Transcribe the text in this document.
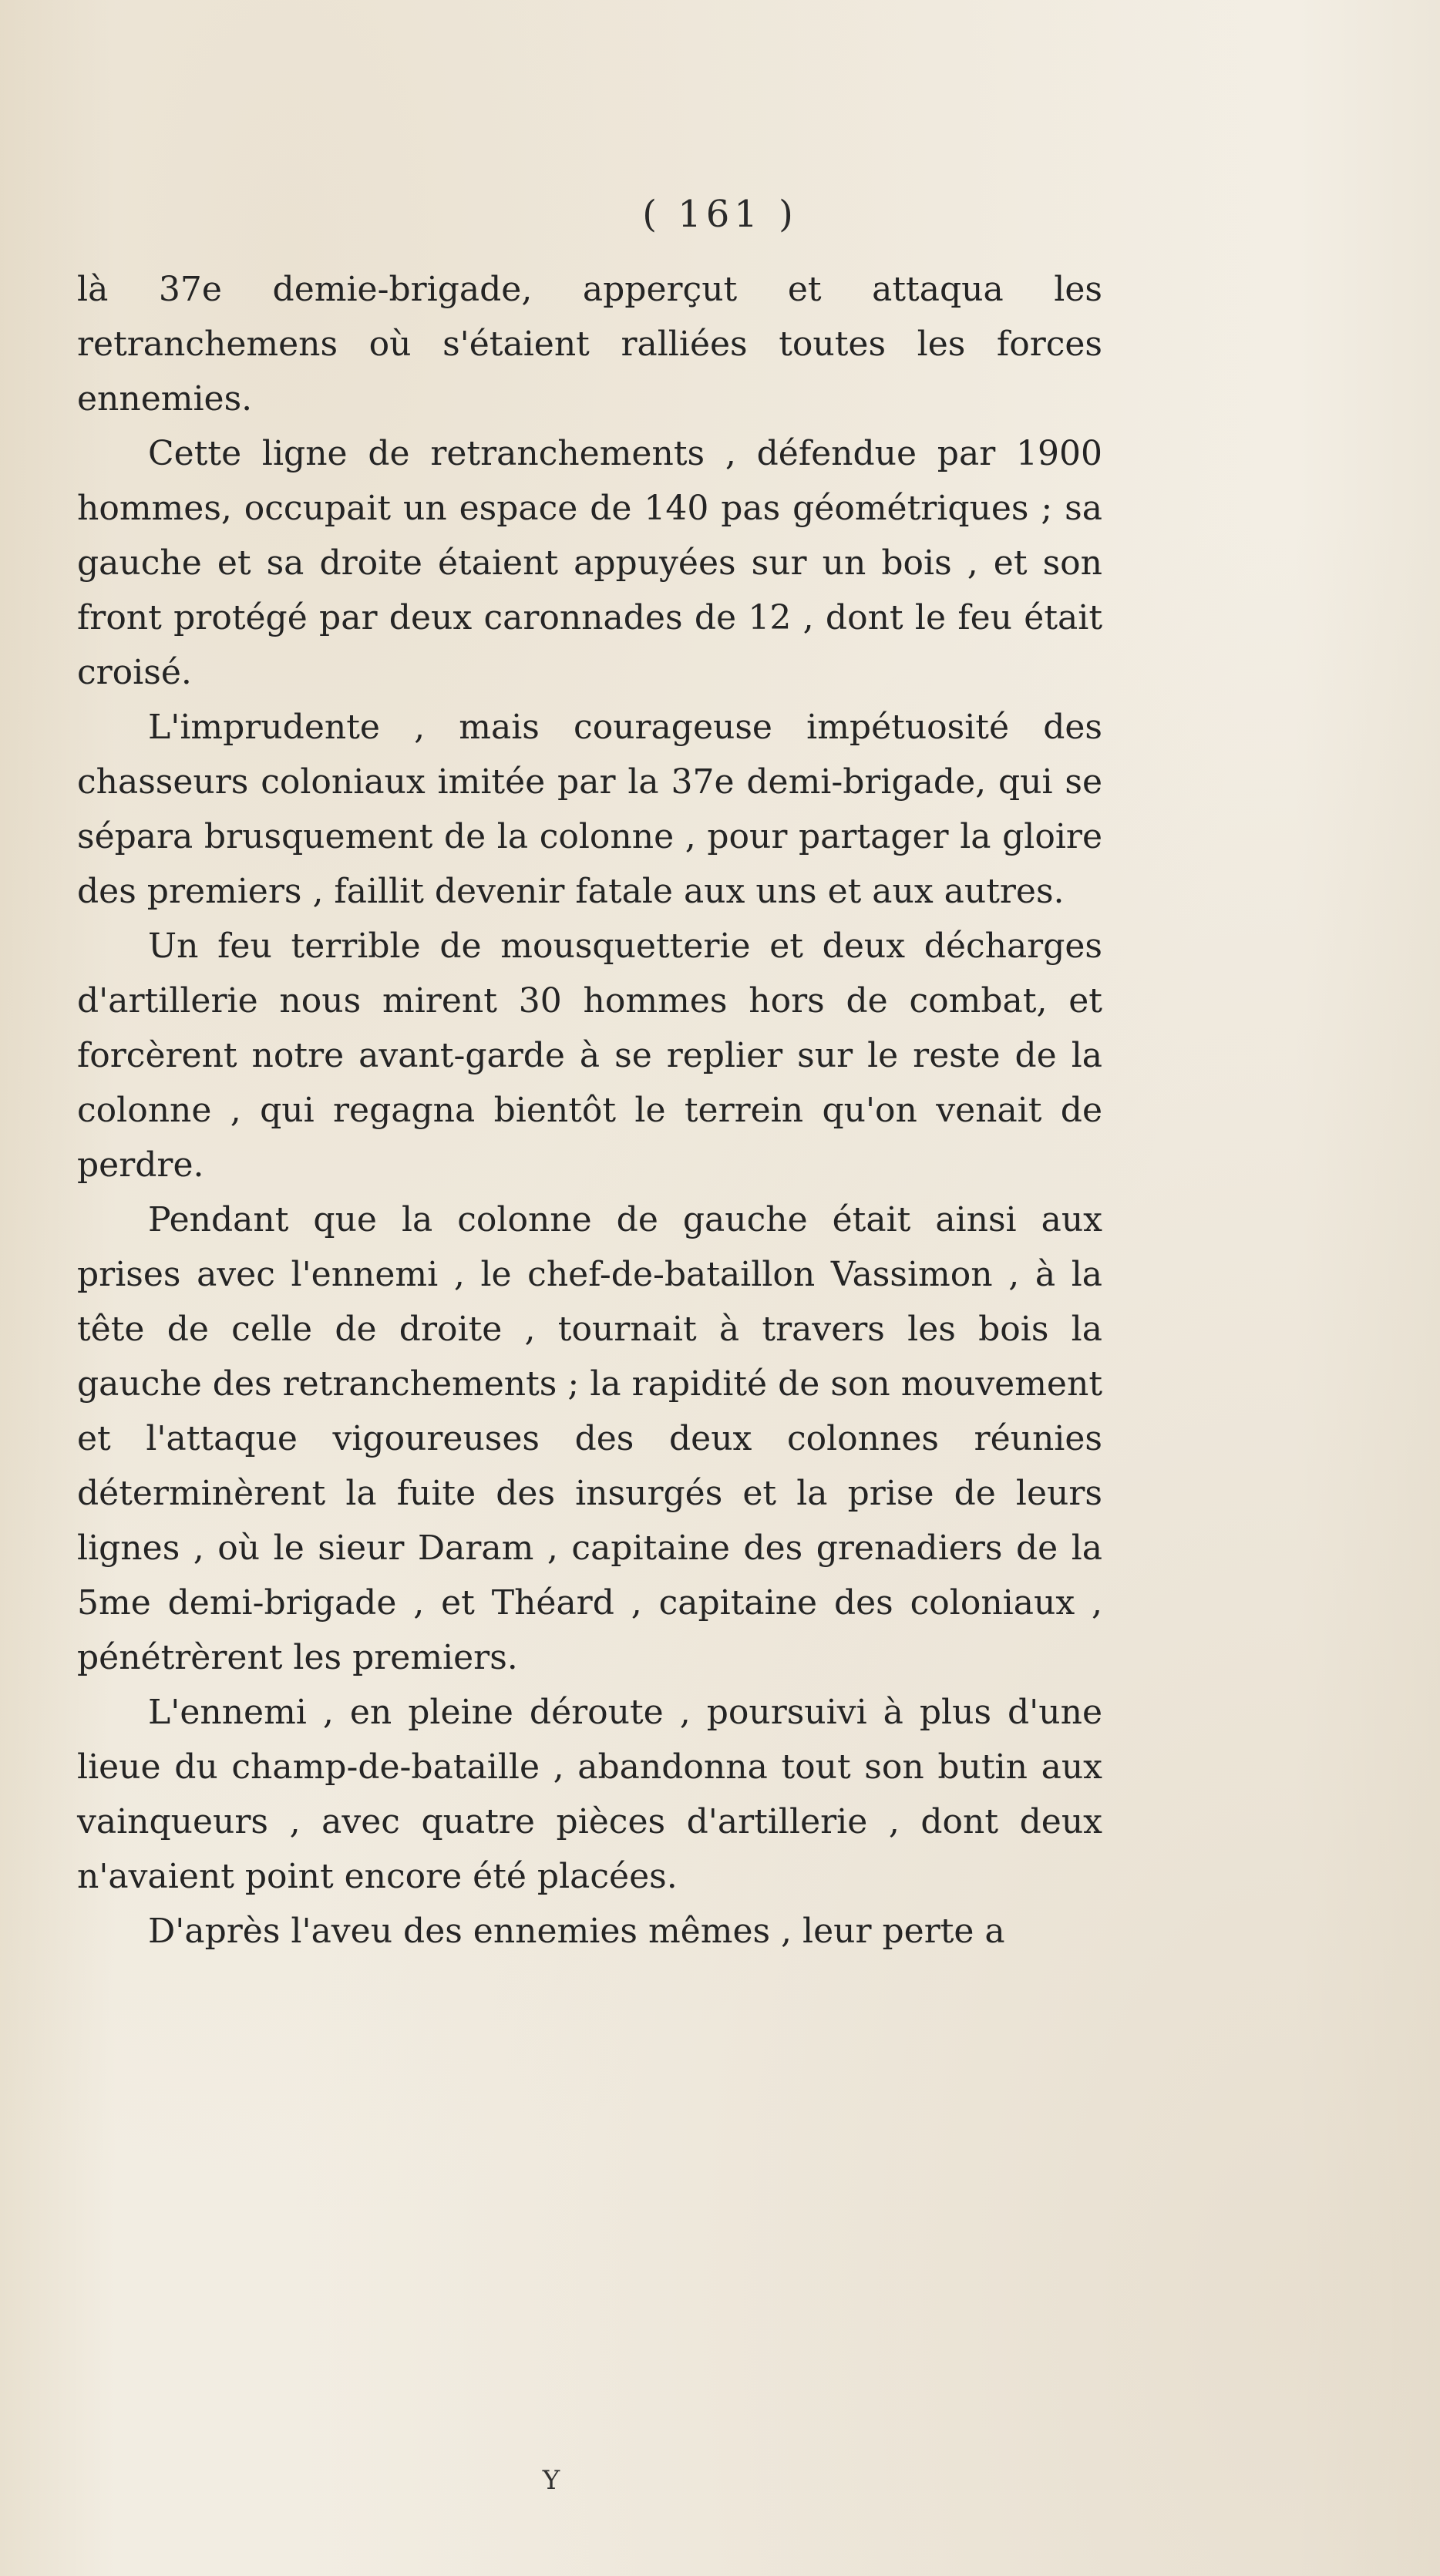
( 161 )

là 37e demie-brigade, apperçut et attaqua les retranchemens où s'étaient ralliées toutes les forces ennemies.

Cette ligne de retranchements , défendue par 1900 hommes, occupait un espace de 140 pas géométriques ; sa gauche et sa droite étaient appuyées sur un bois , et son front protégé par deux caronnades de 12 , dont le feu était croisé.

L'imprudente , mais courageuse impétuosité des chasseurs coloniaux imitée par la 37e demi-brigade, qui se sépara brusquement de la colonne , pour partager la gloire des premiers , faillit devenir fatale aux uns et aux autres.

Un feu terrible de mousquetterie et deux décharges d'artillerie nous mirent 30 hommes hors de combat, et forcèrent notre avant-garde à se replier sur le reste de la colonne , qui regagna bientôt le terrein qu'on venait de perdre.

Pendant que la colonne de gauche était ainsi aux prises avec l'ennemi , le chef-de-bataillon Vassimon , à la tête de celle de droite , tournait à travers les bois la gauche des retranchements ; la rapidité de son mouvement et l'attaque vigoureuses des deux colonnes réunies déterminèrent la fuite des insurgés et la prise de leurs lignes , où le sieur Daram , capitaine des grenadiers de la 5me demi-brigade , et Théard , capitaine des coloniaux , pénétrèrent les premiers.

L'ennemi , en pleine déroute , poursuivi à plus d'une lieue du champ-de-bataille , abandonna tout son butin aux vainqueurs , avec quatre pièces d'artillerie , dont deux n'avaient point encore été placées.

D'après l'aveu des ennemies mêmes , leur perte a

Y
